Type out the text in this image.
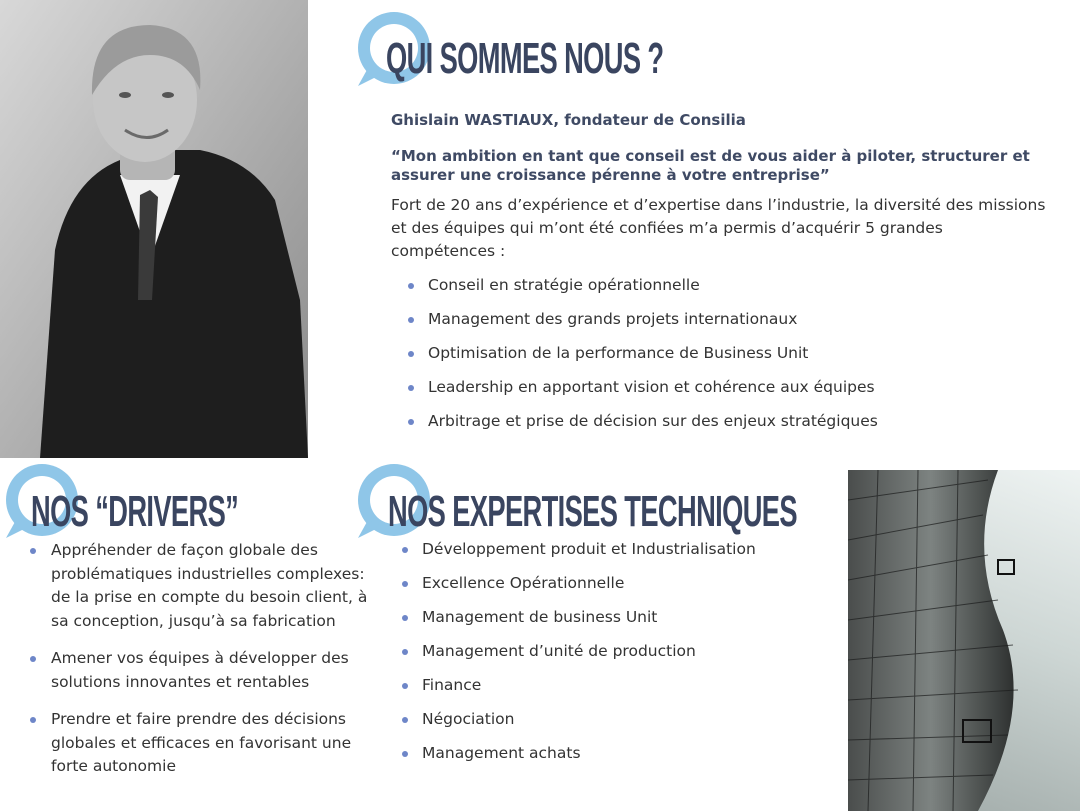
QUI SOMMES NOUS ?
Ghislain WASTIAUX, fondateur de Consilia
“Mon ambition en tant que conseil est de vous aider à piloter, structurer et assurer une croissance pérenne à votre entreprise”
Fort de 20 ans d’expérience et d’expertise dans l’industrie, la diversité des missions et des équipes qui m’ont été confiées m’a permis d’acquérir 5 grandes compétences :
Conseil en stratégie opérationnelle
Management des grands projets internationaux
Optimisation de la performance de Business Unit
Leadership en apportant vision et cohérence aux équipes
Arbitrage et prise de décision sur des enjeux stratégiques
NOS “DRIVERS”
Appréhender de façon globale des problématiques industrielles complexes: de la prise en compte du besoin client, à sa conception, jusqu’à sa fabrication
Amener vos équipes à développer des solutions innovantes et rentables
Prendre et faire prendre des décisions globales et efficaces en favorisant une forte autonomie
NOS EXPERTISES TECHNIQUES
Développement produit et Industrialisation
Excellence Opérationnelle
Management de business Unit
Management d’unité de production
Finance
Négociation
Management achats
